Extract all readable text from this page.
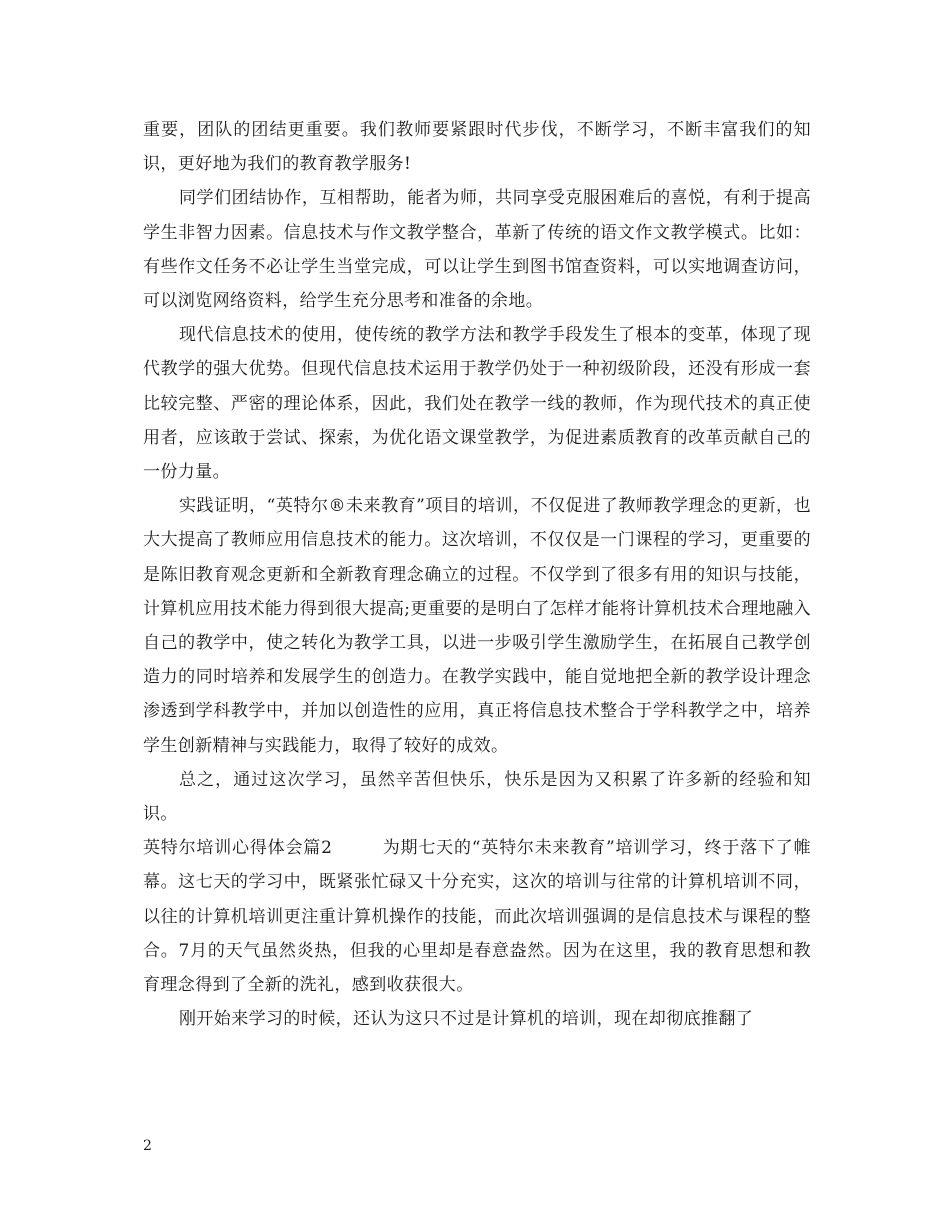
重要，团队的团结更重要。我们教师要紧跟时代步伐，不断学习，不断丰富我们的知识，更好地为我们的教育教学服务!

同学们团结协作，互相帮助，能者为师，共同享受克服困难后的喜悦，有利于提高学生非智力因素。信息技术与作文教学整合，革新了传统的语文作文教学模式。比如：有些作文任务不必让学生当堂完成，可以让学生到图书馆查资料，可以实地调查访问，可以浏览网络资料，给学生充分思考和准备的余地。

现代信息技术的使用，使传统的教学方法和教学手段发生了根本的变革，体现了现代教学的强大优势。但现代信息技术运用于教学仍处于一种初级阶段，还没有形成一套比较完整、严密的理论体系，因此，我们处在教学一线的教师，作为现代技术的真正使用者，应该敢于尝试、探索，为优化语文课堂教学，为促进素质教育的改革贡献自己的一份力量。

实践证明，“英特尔®未来教育”项目的培训，不仅促进了教师教学理念的更新，也大大提高了教师应用信息技术的能力。这次培训，不仅仅是一门课程的学习，更重要的是陈旧教育观念更新和全新教育理念确立的过程。不仅学到了很多有用的知识与技能，计算机应用技术能力得到很大提高;更重要的是明白了怎样才能将计算机技术合理地融入自己的教学中，使之转化为教学工具，以进一步吸引学生激励学生，在拓展自己教学创造力的同时培养和发展学生的创造力。在教学实践中，能自觉地把全新的教学设计理念渗透到学科教学中，并加以创造性的应用，真正将信息技术整合于学科教学之中，培养学生创新精神与实践能力，取得了较好的成效。

总之，通过这次学习，虽然辛苦但快乐，快乐是因为又积累了许多新的经验和知识。

英特尔培训心得体会篇2	为期七天的“英特尔未来教育”培训学习，终于落下了帷幕。这七天的学习中，既紧张忙碌又十分充实，这次的培训与往常的计算机培训不同，以往的计算机培训更注重计算机操作的技能，而此次培训强调的是信息技术与课程的整合。7月的天气虽然炎热，但我的心里却是春意盎然。因为在这里，我的教育思想和教育理念得到了全新的洗礼，感到收获很大。

刚开始来学习的时候，还认为这只不过是计算机的培训，现在却彻底推翻了

2
